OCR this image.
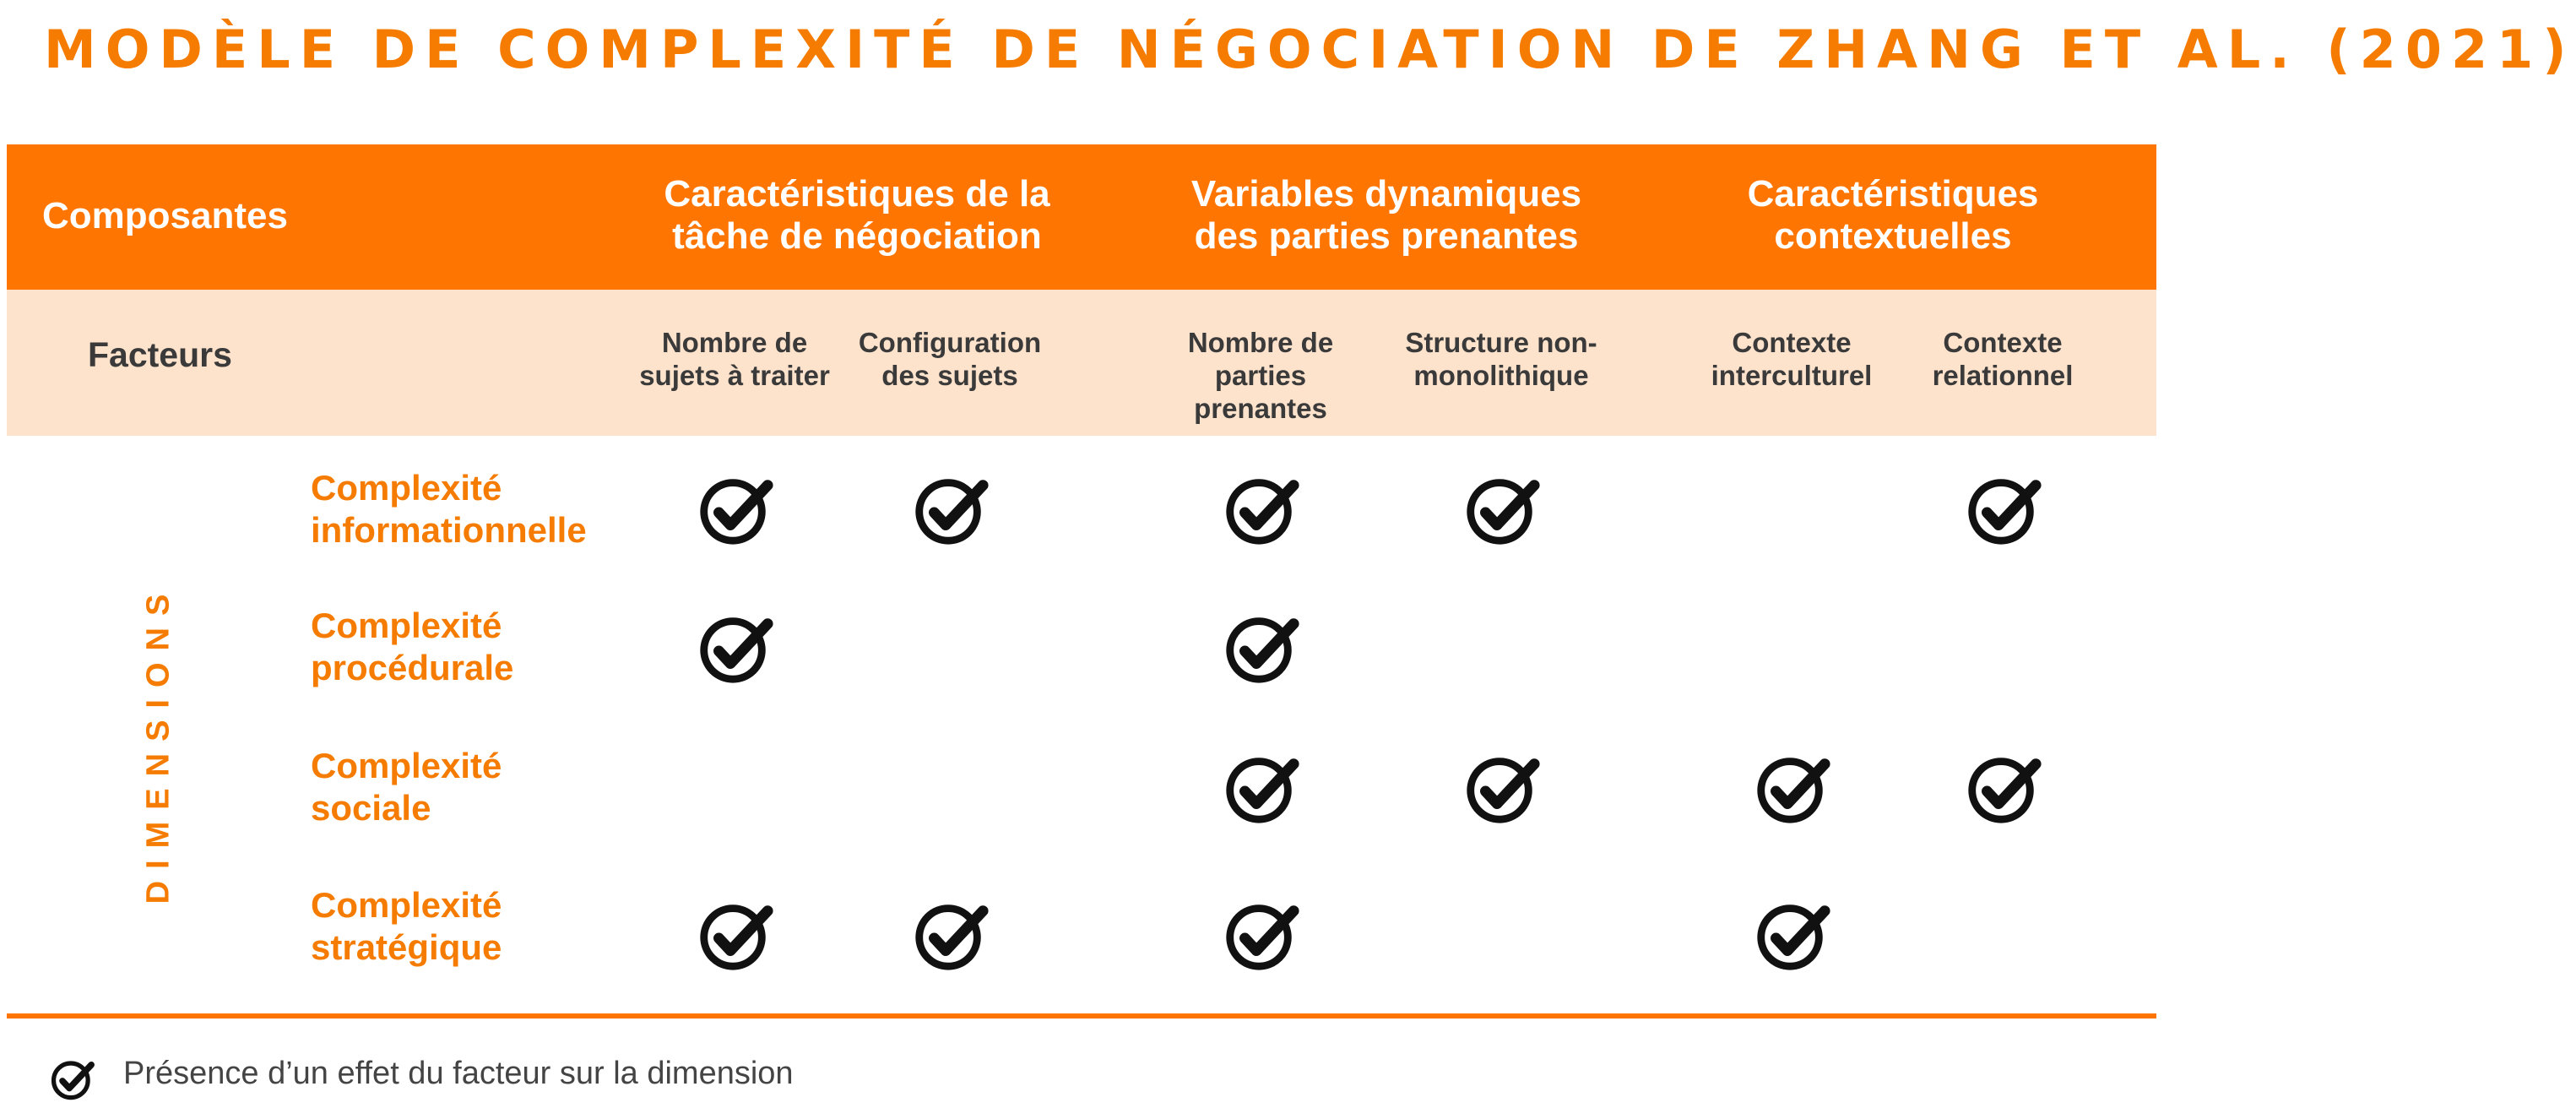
MODÈLE DE COMPLEXITÉ DE NÉGOCIATION DE ZHANG ET AL. (2021)
Composantes
Caractéristiques de la
tâche de négociation
Variables dynamiques
des parties prenantes
Caractéristiques
contextuelles
Facteurs	Nombre de
sujets à traiter
Configuration
des sujets
Nombre de
parties
prenantes
Structure non-
monolithique
Contexte
interculturel
Contexte
relationnel
DIMENSIONS
Complexité
informationnelle
Complexité
procédurale
Complexité
sociale
Complexité
stratégique
Présence d’un effet du facteur sur la dimension
